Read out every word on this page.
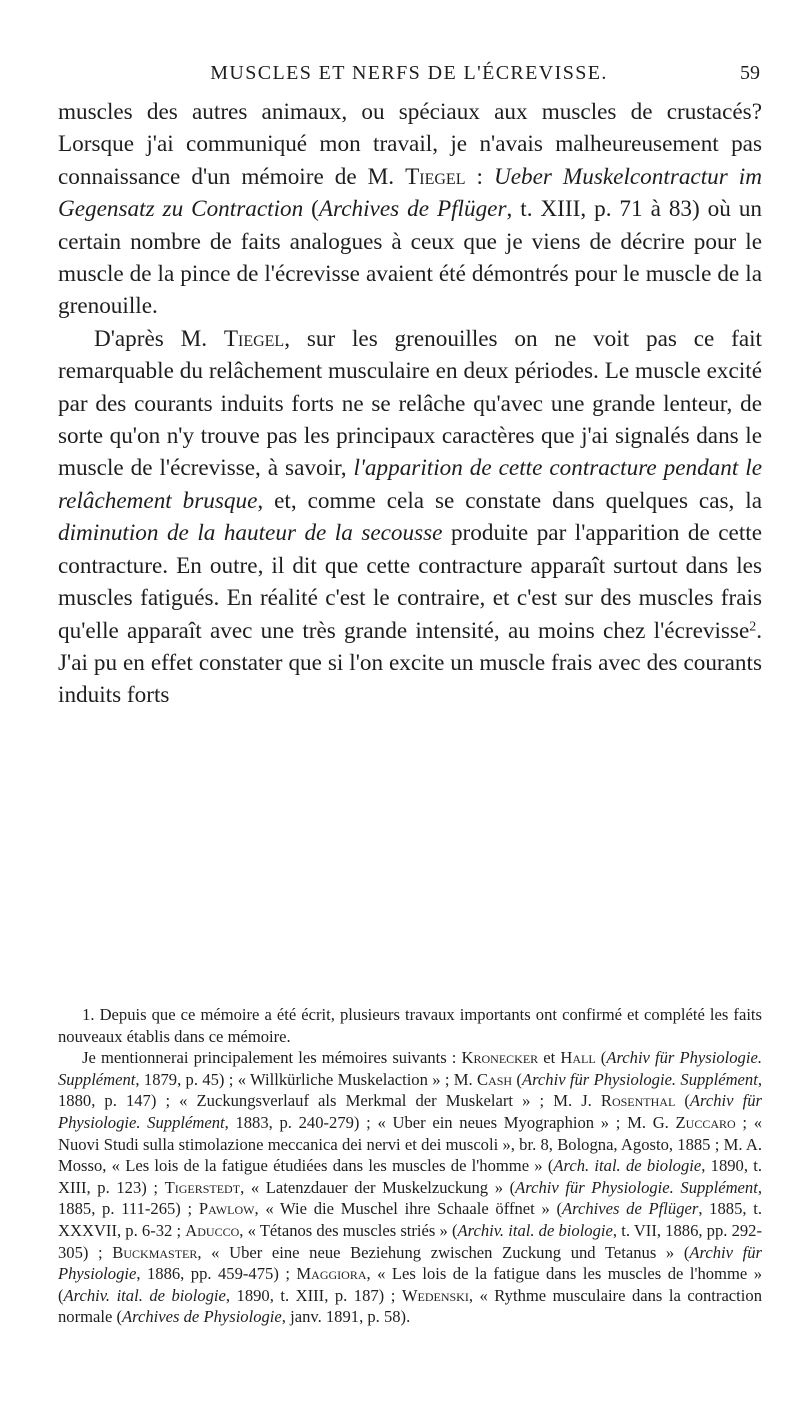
MUSCLES ET NERFS DE L'ÉCREVISSE.	59

muscles des autres animaux, ou spéciaux aux muscles de crustacés? Lorsque j'ai communiqué mon travail, je n'avais malheureusement pas connaissance d'un mémoire de M. Tiegel : Ueber Muskelcontractur im Gegensatz zu Contraction (Archives de Pflüger, t. XIII, p. 71 à 83) où un certain nombre de faits analogues à ceux que je viens de décrire pour le muscle de la pince de l'écrevisse avaient été démontrés pour le muscle de la grenouille.

D'après M. Tiegel, sur les grenouilles on ne voit pas ce fait remarquable du relâchement musculaire en deux périodes. Le muscle excité par des courants induits forts ne se relâche qu'avec une grande lenteur, de sorte qu'on n'y trouve pas les principaux caractères que j'ai signalés dans le muscle de l'écrevisse, à savoir, l'apparition de cette contracture pendant le relâchement brusque, et, comme cela se constate dans quelques cas, la diminution de la hauteur de la secousse produite par l'apparition de cette contracture. En outre, il dit que cette contracture apparaît surtout dans les muscles fatigués. En réalité c'est le contraire, et c'est sur des muscles frais qu'elle apparaît avec une très grande intensité, au moins chez l'écrevisse$^2$. J'ai pu en effet constater que si l'on excite un muscle frais avec des courants induits forts

1. Depuis que ce mémoire a été écrit, plusieurs travaux importants ont confirmé et complété les faits nouveaux établis dans ce mémoire.

Je mentionnerai principalement les mémoires suivants : Kronecker et Hall (Archiv für Physiologie. Supplément, 1879, p. 45) ; « Willkürliche Muskelaction » ; M. Cash (Archiv für Physiologie. Supplément, 1880, p. 147) ; « Zuckungsverlauf als Merkmal der Muskelart » ; M. J. Rosenthal (Archiv für Physiologie. Supplément, 1883, p. 240-279) ; « Uber ein neues Myographion » ; M. G. Zuccaro ; « Nuovi Studi sulla stimolazione meccanica dei nervi et dei muscoli », br. 8, Bologna, Agosto, 1885 ; M. A. Mosso, « Les lois de la fatigue étudiées dans les muscles de l'homme » (Arch. ital. de biologie, 1890, t. XIII, p. 123) ; Tigerstedt, « Latenzdauer der Muskelzuckung » (Archiv für Physiologie. Supplément, 1885, p. 111-265) ; Pawlow, « Wie die Muschel ihre Schaale öffnet » (Archives de Pflüger, 1885, t. XXXVII, p. 6-32 ; Aducco, « Tétanos des muscles striés » (Archiv. ital. de biologie, t. VII, 1886, pp. 292-305) ; Buckmaster, « Uber eine neue Beziehung zwischen Zuckung und Tetanus » (Archiv für Physiologie, 1886, pp. 459-475) ; Maggiora, « Les lois de la fatigue dans les muscles de l'homme » (Archiv. ital. de biologie, 1890, t. XIII, p. 187) ; Wedenski, « Rythme musculaire dans la contraction normale (Archives de Physiologie, janv. 1891, p. 58).
